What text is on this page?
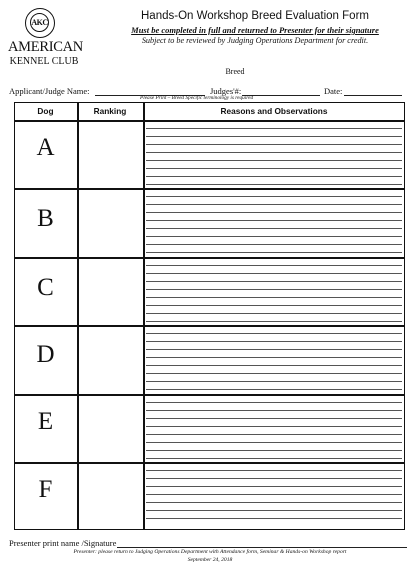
AKC
AMERICAN
KENNEL CLUB
Hands-On Workshop Breed Evaluation Form
Must be completed in full and returned to Presenter for their signature
Subject to be reviewed by Judging Operations Department for credit.
Breed
Applicant/Judge Name:	Judges'#:	Date:
Please Print – Breed Specific terminology is required
Dog	Ranking	Reasons and Observations
A
B
C
D
E
F
Presenter print name /Signature
Presenter: please return to Judging Operations Department with Attendance form, Seminar & Hands-on Workshop report
September 24, 2018
